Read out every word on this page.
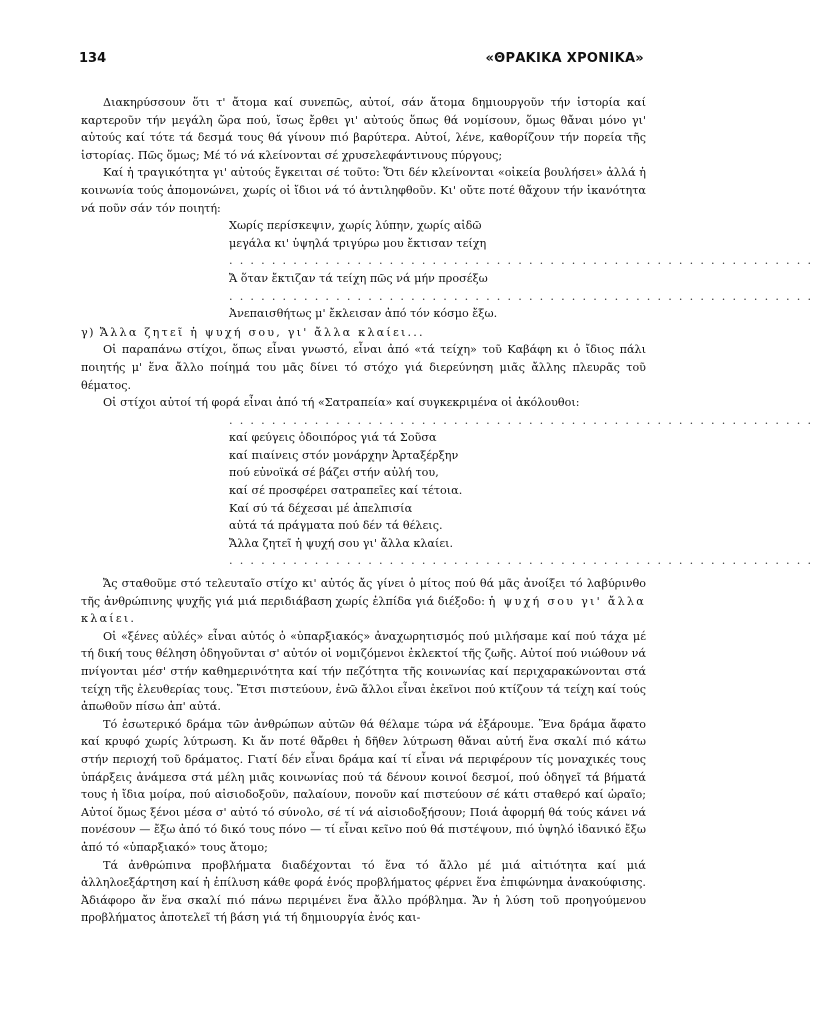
134	«ΘΡΑΚΙΚΑ ΧΡΟΝΙΚΑ»

Διακηρύσσουν ὅτι τ' ἄτομα καί συνεπῶς, αὐτοί, σάν ἄτομα δημιουργοῦν τήν ἱστορία καί καρτεροῦν τήν μεγάλη ὥρα πού, ἴσως ἔρθει γι' αὐτούς ὅπως θά νομίσουν, ὅμως θἄναι μόνο γι' αὐτούς καί τότε τά δεσμά τους θά γίνουν πιό βαρύτερα. Αὐτοί, λένε, καθορίζουν τήν πορεία τῆς ἱστορίας. Πῶς ὅμως; Μέ τό νά κλείνονται σέ χρυσελεφάντινους πύργους;

Καί ἡ τραγικότητα γι' αὐτούς ἔγκειται σέ τοῦτο: Ὅτι δέν κλείνονται «οἰκεία βουλήσει» ἀλλά ἡ κοινωνία τούς ἀπομονώνει, χωρίς οἱ ἴδιοι νά τό ἀντιληφθοῦν. Κι' οὔτε ποτέ θἄχουν τήν ἱκανότητα νά ποῦν σάν τόν ποιητή:

Χωρίς περίσκεψιν, χωρίς λύπην, χωρίς αἰδῶ
μεγάλα κι' ὑψηλά τριγύρω μου ἔκτισαν τείχη
. . . . . . . . . . . . . . . . . . . . . . . . . . . . . . . . . . . . . . . . . . . . . . . . . . . . . . .
Ἄ ὅταν ἔκτιζαν τά τείχη πῶς νά μήν προσέξω
. . . . . . . . . . . . . . . . . . . . . . . . . . . . . . . . . . . . . . . . . . . . . . . . . . . . . . .
Ἀνεπαισθήτως μ' ἔκλεισαν ἀπό τόν κόσμο ἔξω.

γ) Ἄλλα ζητεῖ ἡ ψυχή σου, γι' ἄλλα κλαίει...

Οἱ παραπάνω στίχοι, ὅπως εἶναι γνωστό, εἶναι ἀπό «τά τείχη» τοῦ Καβάφη κι ὁ ἴδιος πάλι ποιητής μ' ἕνα ἄλλο ποίημά του μᾶς δίνει τό στόχο γιά διερεύνηση μιᾶς ἄλλης πλευρᾶς τοῦ θέματος.

Οἱ στίχοι αὐτοί τή φορά εἶναι ἀπό τή «Σατραπεία» καί συγκεκριμένα οἱ ἀκόλουθοι:

. . . . . . . . . . . . . . . . . . . . . . . . . . . . . . . . . . . . . . . . . . . . . . . . . . . . . . .
καί φεύγεις ὁδοιπόρος γιά τά Σοῦσα
καί πιαίνεις στόν μονάρχην Ἀρταξέρξην
πού εὐνοϊκά σέ βάζει στήν αὐλή του,
καί σέ προσφέρει σατραπεῖες καί τέτοια.
Καί σύ τά δέχεσαι μέ ἀπελπισία
αὐτά τά πράγματα πού δέν τά θέλεις.
Ἄλλα ζητεῖ ἡ ψυχή σου γι' ἄλλα κλαίει.
. . . . . . . . . . . . . . . . . . . . . . . . . . . . . . . . . . . . . . . . . . . . . . . . . . . . . . .

Ἄς σταθοῦμε στό τελευταῖο στίχο κι' αὐτός ἄς γίνει ὁ μίτος πού θά μᾶς ἀνοίξει τό λαβύρινθο τῆς ἀνθρώπινης ψυχῆς γιά μιά περιδιάβαση χωρίς ἐλπίδα γιά διέξοδο: ἡ ψυχή σου γι' ἄλλα κλαίει.

Οἱ «ξένες αὐλές» εἶναι αὐτός ὁ «ὑπαρξιακός» ἀναχωρητισμός πού μιλήσαμε καί πού τάχα μέ τή δική τους θέληση ὁδηγοῦνται σ' αὐτόν οἱ νομιζόμενοι ἐκλεκτοί τῆς ζωῆς. Αὐτοί πού νιώθουν νά πνίγονται μέσ' στήν καθημερινότητα καί τήν πεζότητα τῆς κοινωνίας καί περιχαρακώνονται στά τείχη τῆς ἐλευθερίας τους. Ἔτσι πιστεύουν, ἐνῶ ἄλλοι εἶναι ἐκεῖνοι πού κτίζουν τά τείχη καί τούς ἀπωθοῦν πίσω ἀπ' αὐτά.

Τό ἐσωτερικό δράμα τῶν ἀνθρώπων αὐτῶν θά θέλαμε τώρα νά ἐξάρουμε. Ἕνα δράμα ἄφατο καί κρυφό χωρίς λύτρωση. Κι ἄν ποτέ θἄρθει ἡ δῆθεν λύτρωση θἄναι αὐτή ἕνα σκαλί πιό κάτω στήν περιοχή τοῦ δράματος. Γιατί δέν εἶναι δράμα καί τί εἶναι νά περιφέρουν τίς μοναχικές τους ὑπάρξεις ἀνάμεσα στά μέλη μιᾶς κοινωνίας πού τά δένουν κοινοί δεσμοί, πού ὁδηγεῖ τά βήματά τους ἡ ἴδια μοίρα, πού αἰσιοδοξοῦν, παλαίουν, πονοῦν καί πιστεύουν σέ κάτι σταθερό καί ὡραῖο; Αὐτοί ὅμως ξένοι μέσα σ' αὐτό τό σύνολο, σέ τί νά αἰσιοδοξήσουν; Ποιά ἀφορμή θά τούς κάνει νά πονέσουν — ἔξω ἀπό τό δικό τους πόνο — τί εἶναι κεῖνο πού θά πιστέψουν, πιό ὑψηλό ἰδανικό ἔξω ἀπό τό «ὑπαρξιακό» τους ἄτομο;

Τά ἀνθρώπινα προβλήματα διαδέχονται τό ἕνα τό ἄλλο μέ μιά αἰτιότητα καί μιά ἀλληλοεξάρτηση καί ἡ ἐπίλυση κάθε φορά ἑνός προβλήματος φέρνει ἕνα ἐπιφώνημα ἀνακούφισης. Ἀδιάφορο ἄν ἕνα σκαλί πιό πάνω περιμένει ἕνα ἄλλο πρόβλημα. Ἄν ἡ λύση τοῦ προηγούμενου προβλήματος ἀποτελεῖ τή βάση γιά τή δημιουργία ἑνός και-
